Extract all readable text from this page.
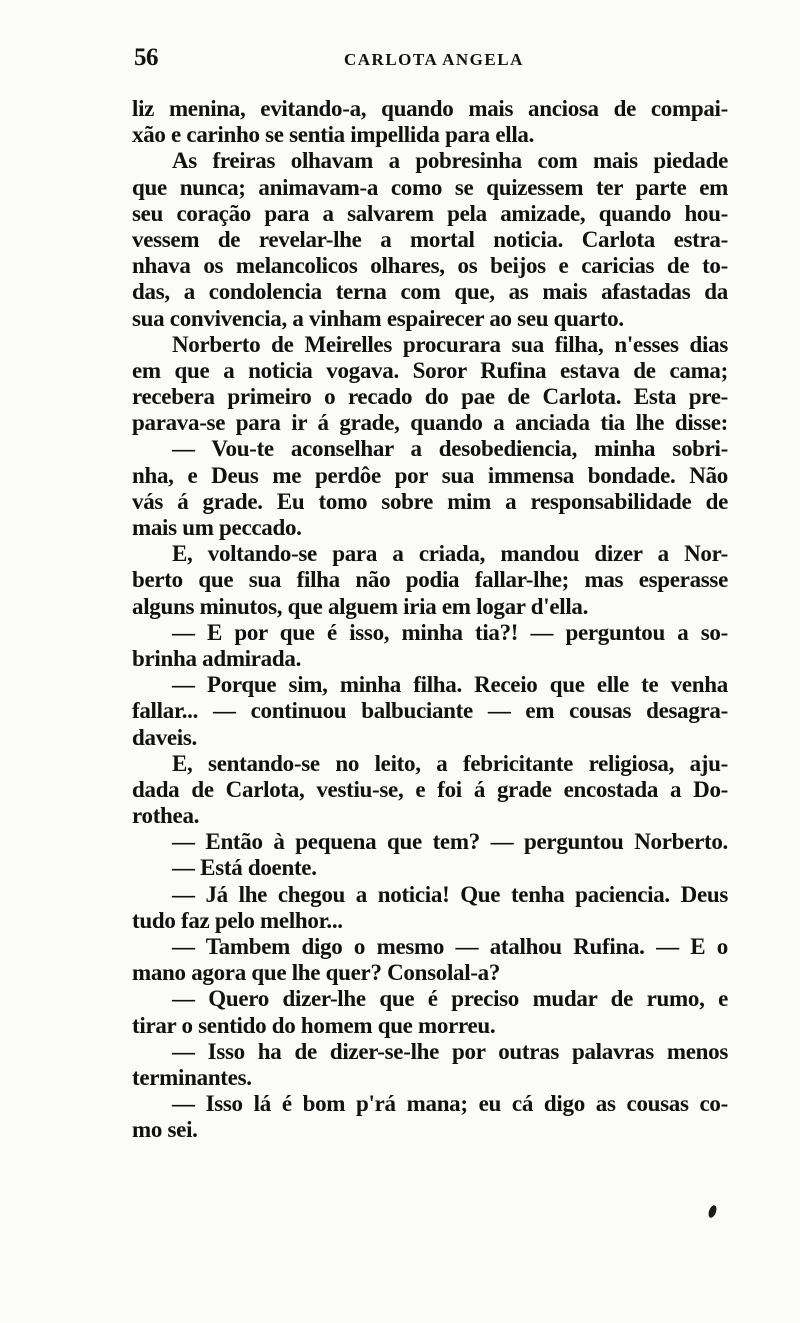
56	CARLOTA ANGELA
liz menina, evitando-a, quando mais anciosa de compai-
xão e carinho se sentia impellida para ella.
As freiras olhavam a pobresinha com mais piedade
que nunca; animavam-a como se quizessem ter parte em
seu coração para a salvarem pela amizade, quando hou-
vessem de revelar-lhe a mortal noticia. Carlota estra-
nhava os melancolicos olhares, os beijos e caricias de to-
das, a condolencia terna com que, as mais afastadas da
sua convivencia, a vinham espairecer ao seu quarto.
Norberto de Meirelles procurara sua filha, n'esses dias
em que a noticia vogava. Soror Rufina estava de cama;
recebera primeiro o recado do pae de Carlota. Esta pre-
parava-se para ir á grade, quando a anciada tia lhe disse:
— Vou-te aconselhar a desobediencia, minha sobri-
nha, e Deus me perdôe por sua immensa bondade. Não
vás á grade. Eu tomo sobre mim a responsabilidade de
mais um peccado.
E, voltando-se para a criada, mandou dizer a Nor-
berto que sua filha não podia fallar-lhe; mas esperasse
alguns minutos, que alguem iria em logar d'ella.
— E por que é isso, minha tia?! — perguntou a so-
brinha admirada.
— Porque sim, minha filha. Receio que elle te venha
fallar... — continuou balbuciante — em cousas desagra-
daveis.
E, sentando-se no leito, a febricitante religiosa, aju-
dada de Carlota, vestiu-se, e foi á grade encostada a Do-
rothea.
— Então à pequena que tem? — perguntou Norberto.
— Está doente.
— Já lhe chegou a noticia! Que tenha paciencia. Deus
tudo faz pelo melhor...
— Tambem digo o mesmo — atalhou Rufina. — E o
mano agora que lhe quer? Consolal-a?
— Quero dizer-lhe que é preciso mudar de rumo, e
tirar o sentido do homem que morreu.
— Isso ha de dizer-se-lhe por outras palavras menos
terminantes.
— Isso lá é bom p'rá mana; eu cá digo as cousas co-
mo sei.
